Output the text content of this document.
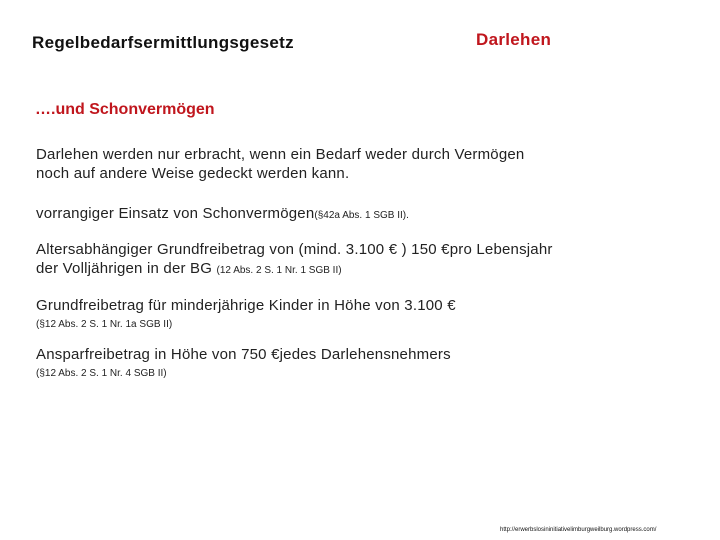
Regelbedarfsermittlungsgesetz	Darlehen
….und Schonvermögen
Darlehen werden nur erbracht, wenn ein Bedarf weder durch Vermögen
noch auf andere Weise gedeckt werden kann.
vorrangiger Einsatz von Schonvermögen(§42a Abs. 1 SGB II).
Altersabhängiger Grundfreibetrag von (mind. 3.100 € ) 150 €pro Lebensjahr
der Volljährigen in der BG (12 Abs. 2 S. 1 Nr. 1 SGB II)
Grundfreibetrag für minderjährige Kinder in Höhe von 3.100 €
(§12 Abs. 2 S. 1 Nr. 1a SGB II)
Ansparfreibetrag in Höhe von 750 €jedes Darlehensnehmers
(§12 Abs. 2 S. 1 Nr. 4 SGB II)
http://erwerbslosininitiativelimburgweilburg.wordpress.com/
